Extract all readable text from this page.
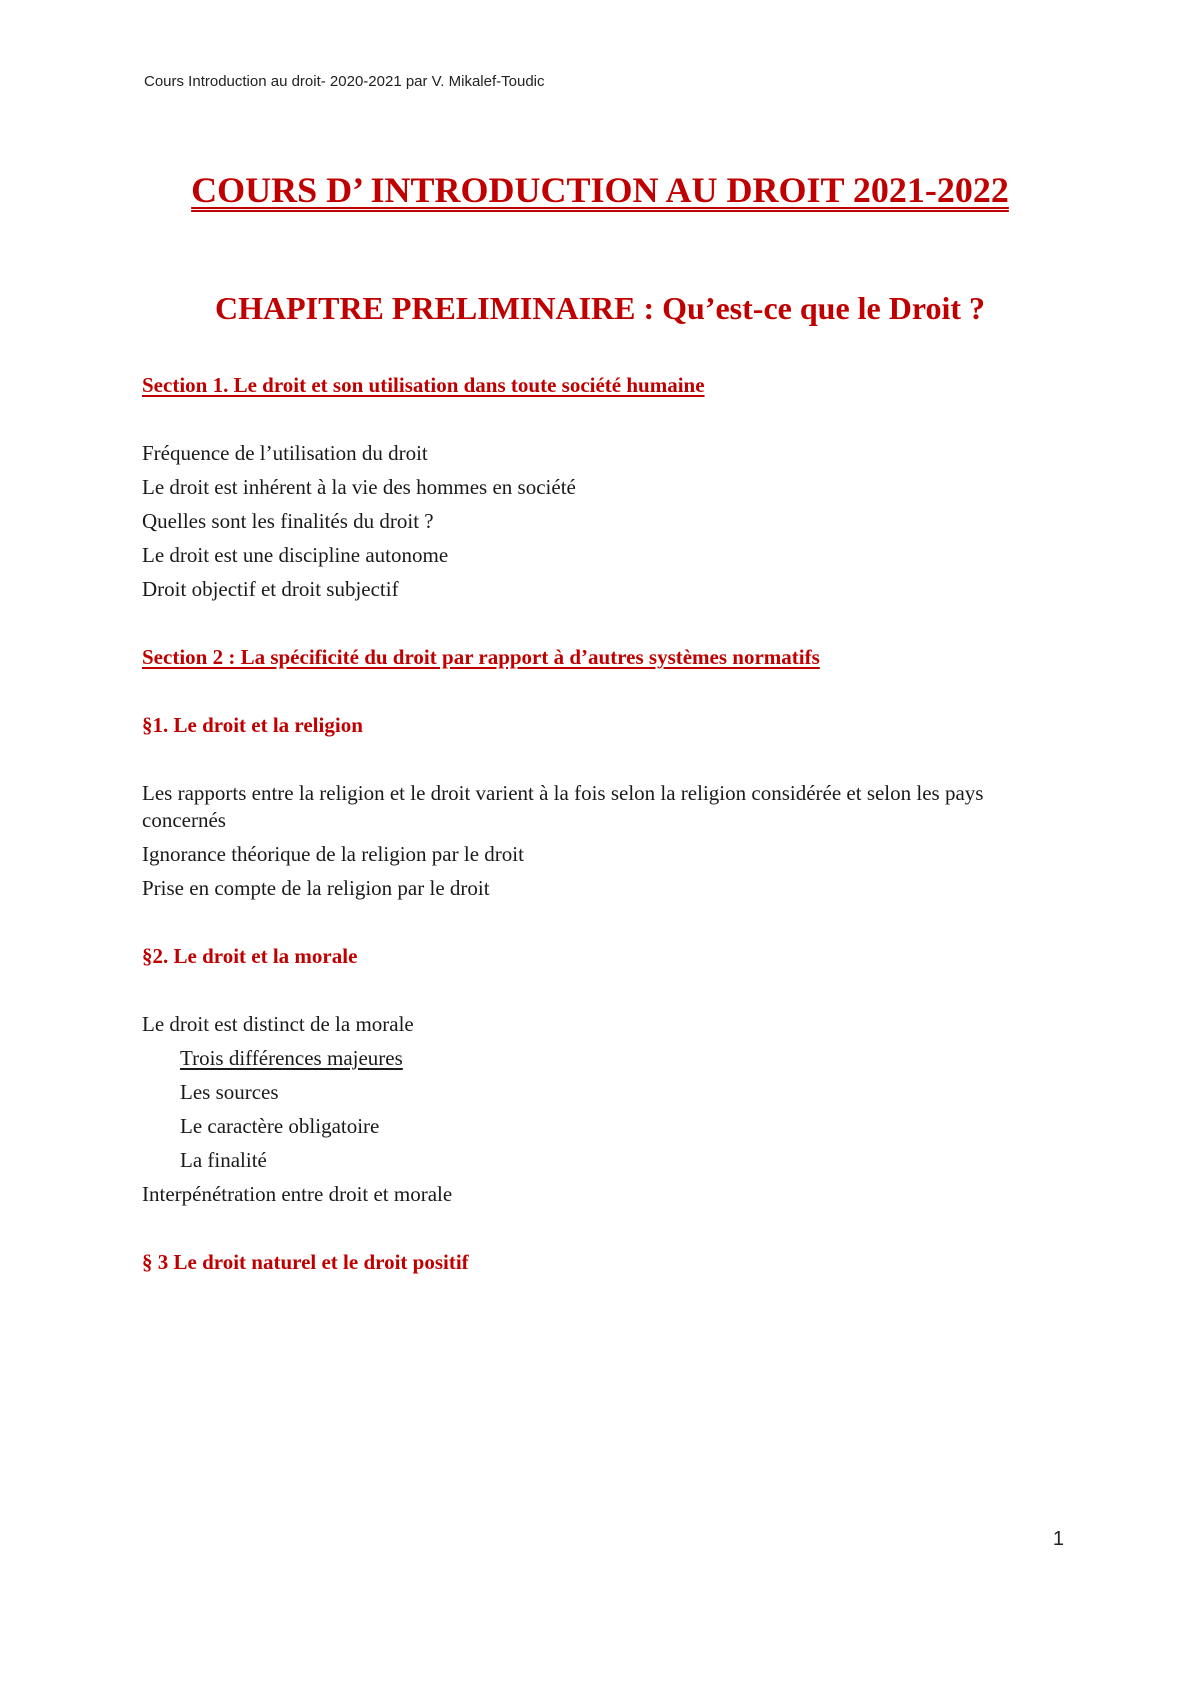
Cours Introduction au droit- 2020-2021 par V. Mikalef-Toudic
COURS D’ INTRODUCTION AU DROIT 2021-2022
CHAPITRE PRELIMINAIRE : Qu’est-ce que le Droit ?

Section 1. Le droit et son utilisation dans toute société humaine

Fréquence de l’utilisation du droit

Le droit est inhérent à la vie des hommes en société

Quelles sont les finalités du droit ?

Le droit est une discipline autonome

Droit objectif et droit subjectif

Section 2 : La spécificité du droit par rapport à d’autres systèmes normatifs

§1. Le droit et la religion

Les rapports entre la religion et le droit varient à la fois selon la religion considérée et selon les pays concernés

Ignorance théorique de la religion par le droit

Prise en compte de la religion par le droit

§2. Le droit et la morale

Le droit est distinct de la morale

Trois différences majeures

Les sources

Le caractère obligatoire

La finalité

Interpénétration entre droit et morale

§ 3 Le droit naturel et le droit positif

1
